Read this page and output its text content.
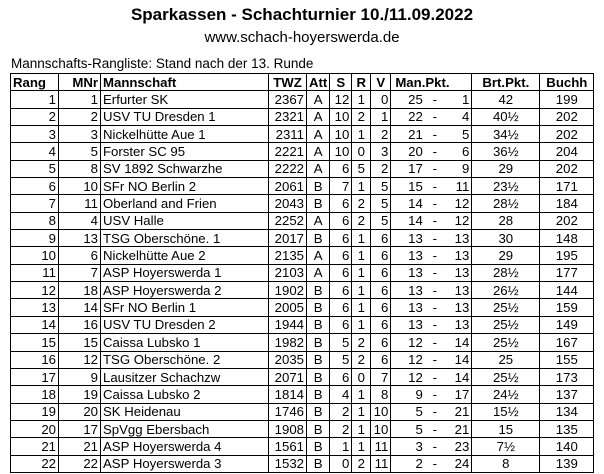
Sparkassen - Schachturnier 10./11.09.2022
www.schach-hoyerswerda.de
Mannschafts-Rangliste: Stand nach der 13. Runde
Rang	MNr	Mannschaft	TWZ	Att	S	R	V	Man.Pkt.			Brt.Pkt.	Buchh
1	1	Erfurter SK	2367	A	12	1	0	25	-	1	42	199
2	2	USV TU Dresden 1	2321	A	10	2	1	22	-	4	40½	202
3	3	Nickelhütte Aue 1	2311	A	10	1	2	21	-	5	34½	202
4	5	Forster SC 95	2221	A	10	0	3	20	-	6	36½	204
5	8	SV 1892 Schwarzhe	2222	A	6	5	2	17	-	9	29	202
6	10	SFr NO Berlin 2	2061	B	7	1	5	15	-	11	23½	171
7	11	Oberland and Frien	2043	B	6	2	5	14	-	12	28½	184
8	4	USV Halle	2252	A	6	2	5	14	-	12	28	202
9	13	TSG Oberschöne. 1	2017	B	6	1	6	13	-	13	30	148
10	6	Nickelhütte Aue 2	2135	A	6	1	6	13	-	13	29	195
11	7	ASP Hoyerswerda 1	2103	A	6	1	6	13	-	13	28½	177
12	18	ASP Hoyerswerda 2	1902	B	6	1	6	13	-	13	26½	144
13	14	SFr NO Berlin 1	2005	B	6	1	6	13	-	13	25½	159
14	16	USV TU Dresden 2	1944	B	6	1	6	13	-	13	25½	149
15	15	Caissa Lubsko 1	1982	B	5	2	6	12	-	14	25½	167
16	12	TSG Oberschöne. 2	2035	B	5	2	6	12	-	14	25	155
17	9	Lausitzer Schachzw	2071	B	6	0	7	12	-	14	25½	173
18	19	Caissa Lubsko 2	1814	B	4	1	8	9	-	17	24½	137
19	20	SK Heidenau	1746	B	2	1	10	5	-	21	15½	134
20	17	SpVgg Ebersbach	1908	B	2	1	10	5	-	21	15	135
21	21	ASP Hoyerswerda 4	1561	B	1	1	11	3	-	23	7½	140
22	22	ASP Hoyerswerda 3	1532	B	0	2	11	2	-	24	8	139
